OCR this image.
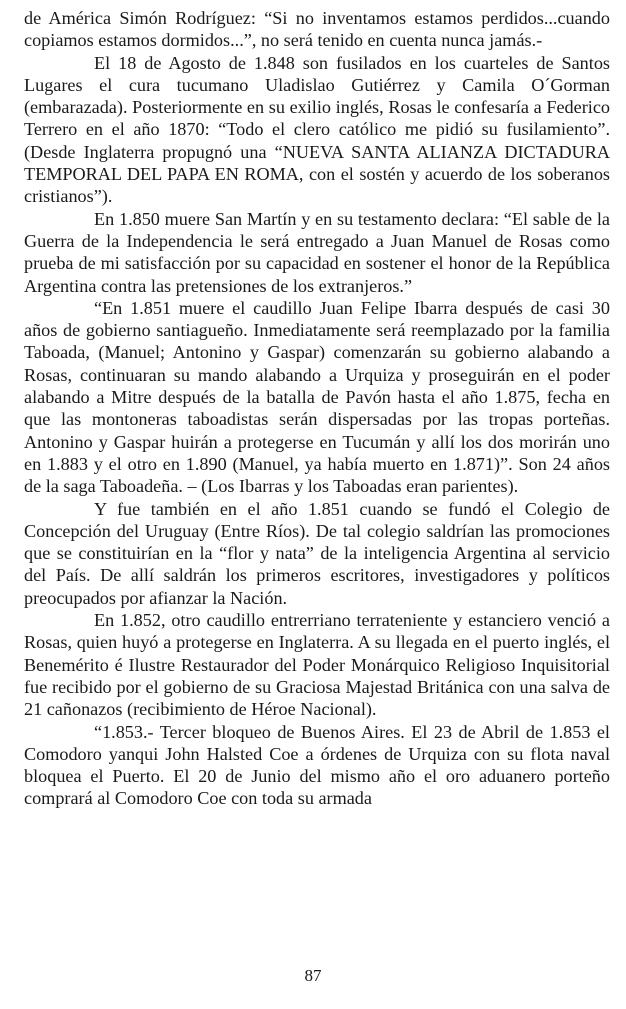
de América Simón Rodríguez: “Si no inventamos estamos perdidos...cuando copiamos estamos dormidos...”, no será tenido en cuenta nunca jamás.-

El 18 de Agosto de 1.848 son fusilados en los cuarteles de Santos Lugares el cura tucumano Uladislao Gutiérrez y Camila O´Gorman (embarazada). Posteriormente en su exilio inglés, Rosas le confesaría a Federico Terrero en el año 1870: “Todo el clero católico me pidió su fusilamiento”. (Desde Inglaterra propugnó una “NUEVA SANTA ALIANZA DICTADURA TEMPORAL DEL PAPA EN ROMA, con el sostén y acuerdo de los soberanos cristianos”).

En 1.850 muere San Martín y en su testamento declara: “El sable de la Guerra de la Independencia le será entregado a Juan Manuel de Rosas como prueba de mi satisfacción por su capacidad en sostener el honor de la República Argentina contra las pretensiones de los extranjeros.”

“En 1.851 muere el caudillo Juan Felipe Ibarra después de casi 30 años de gobierno santiagueño. Inmediatamente será reemplazado por la familia Taboada, (Manuel; Antonino y Gaspar) comenzarán su gobierno alabando a Rosas, continuaran su mando alabando a Urquiza y proseguirán en el poder alabando a Mitre después de la batalla de Pavón hasta el año 1.875, fecha en que las montoneras taboadistas serán dispersadas por las tropas porteñas. Antonino y Gaspar huirán a protegerse en Tucumán y allí los dos morirán uno en 1.883 y el otro en 1.890 (Manuel, ya había muerto en 1.871)”. Son 24 años de la saga Taboadeña. – (Los Ibarras y los Taboadas eran parientes).

Y fue también en el año 1.851 cuando se fundó el Colegio de Concepción del Uruguay (Entre Ríos). De tal colegio saldrían las promociones que se constituirían en la “flor y nata” de la inteligencia Argentina al servicio del País. De allí saldrán los primeros escritores, investigadores y políticos preocupados por afianzar la Nación.

En 1.852, otro caudillo entrerriano terrateniente y estanciero venció a Rosas, quien huyó a protegerse en Inglaterra. A su llegada en el puerto inglés, el Benemérito é Ilustre Restaurador del Poder Monárquico Religioso Inquisitorial fue recibido por el gobierno de su Graciosa Majestad Británica con una salva de 21 cañonazos (recibimiento de Héroe Nacional).

“1.853.- Tercer bloqueo de Buenos Aires. El 23 de Abril de 1.853 el Comodoro yanqui John Halsted Coe a órdenes de Urquiza con su flota naval bloquea el Puerto. El 20 de Junio del mismo año el oro aduanero porteño comprará al Comodoro Coe con toda su armada

87
